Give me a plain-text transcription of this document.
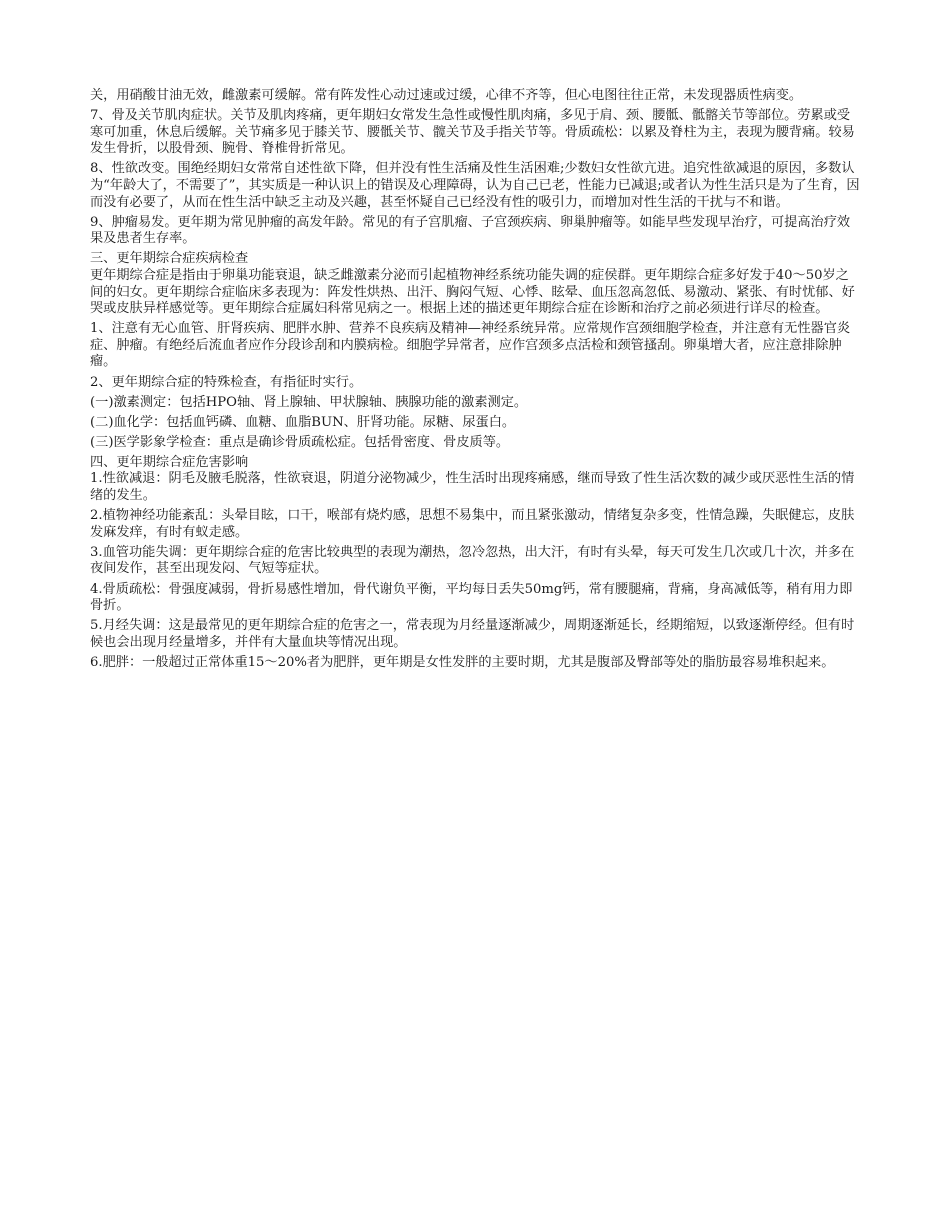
关，用硝酸甘油无效，雌激素可缓解。常有阵发性心动过速或过缓，心律不齐等，但心电图往往正常，未发现器质性病变。

7、骨及关节肌肉症状。关节及肌肉疼痛，更年期妇女常发生急性或慢性肌肉痛，多见于肩、颈、腰骶、骶髂关节等部位。劳累或受寒可加重，休息后缓解。关节痛多见于膝关节、腰骶关节、髋关节及手指关节等。骨质疏松：以累及脊柱为主，表现为腰背痛。较易发生骨折，以股骨颈、腕骨、脊椎骨折常见。

8、性欲改变。围绝经期妇女常常自述性欲下降，但并没有性生活痛及性生活困难;少数妇女性欲亢进。追究性欲减退的原因，多数认为“年龄大了，不需要了”，其实质是一种认识上的错误及心理障碍，认为自己已老，性能力已减退;或者认为性生活只是为了生育，因而没有必要了，从而在性生活中缺乏主动及兴趣，甚至怀疑自己已经没有性的吸引力，而增加对性生活的干扰与不和谐。

9、肿瘤易发。更年期为常见肿瘤的高发年龄。常见的有子宫肌瘤、子宫颈疾病、卵巢肿瘤等。如能早些发现早治疗，可提高治疗效果及患者生存率。

三、更年期综合症疾病检查

更年期综合症是指由于卵巢功能衰退，缺乏雌激素分泌而引起植物神经系统功能失调的症侯群。更年期综合症多好发于40～50岁之间的妇女。更年期综合症临床多表现为：阵发性烘热、出汗、胸闷气短、心悸、眩晕、血压忽高忽低、易激动、紧张、有时忧郁、好哭或皮肤异样感觉等。更年期综合症属妇科常见病之一。根据上述的描述更年期综合症在诊断和治疗之前必须进行详尽的检查。

1、注意有无心血管、肝肾疾病、肥胖水肿、营养不良疾病及精神—神经系统异常。应常规作宫颈细胞学检查，并注意有无性器官炎症、肿瘤。有绝经后流血者应作分段诊刮和内膜病检。细胞学异常者，应作宫颈多点活检和颈管搔刮。卵巢增大者，应注意排除肿瘤。

2、更年期综合症的特殊检查，有指征时实行。

(一)激素测定：包括HPO轴、肾上腺轴、甲状腺轴、胰腺功能的激素测定。

(二)血化学：包括血钙磷、血糖、血脂BUN、肝肾功能。尿糖、尿蛋白。

(三)医学影象学检查：重点是确诊骨质疏松症。包括骨密度、骨皮质等。

四、更年期综合症危害影响

1.性欲减退：阴毛及腋毛脱落，性欲衰退，阴道分泌物减少，性生活时出现疼痛感，继而导致了性生活次数的减少或厌恶性生活的情绪的发生。

2.植物神经功能紊乱：头晕目眩，口干，喉部有烧灼感，思想不易集中，而且紧张激动，情绪复杂多变，性情急躁，失眠健忘，皮肤发麻发痒，有时有蚁走感。

3.血管功能失调：更年期综合症的危害比较典型的表现为潮热，忽冷忽热，出大汗，有时有头晕，每天可发生几次或几十次，并多在夜间发作，甚至出现发闷、气短等症状。

4.骨质疏松：骨强度减弱，骨折易感性增加，骨代谢负平衡，平均每日丢失50mg钙，常有腰腿痛，背痛，身高减低等，稍有用力即骨折。

5.月经失调：这是最常见的更年期综合症的危害之一，常表现为月经量逐渐减少，周期逐渐延长，经期缩短，以致逐渐停经。但有时候也会出现月经量增多，并伴有大量血块等情况出现。

6.肥胖：一般超过正常体重15～20%者为肥胖，更年期是女性发胖的主要时期，尤其是腹部及臀部等处的脂肪最容易堆积起来。
